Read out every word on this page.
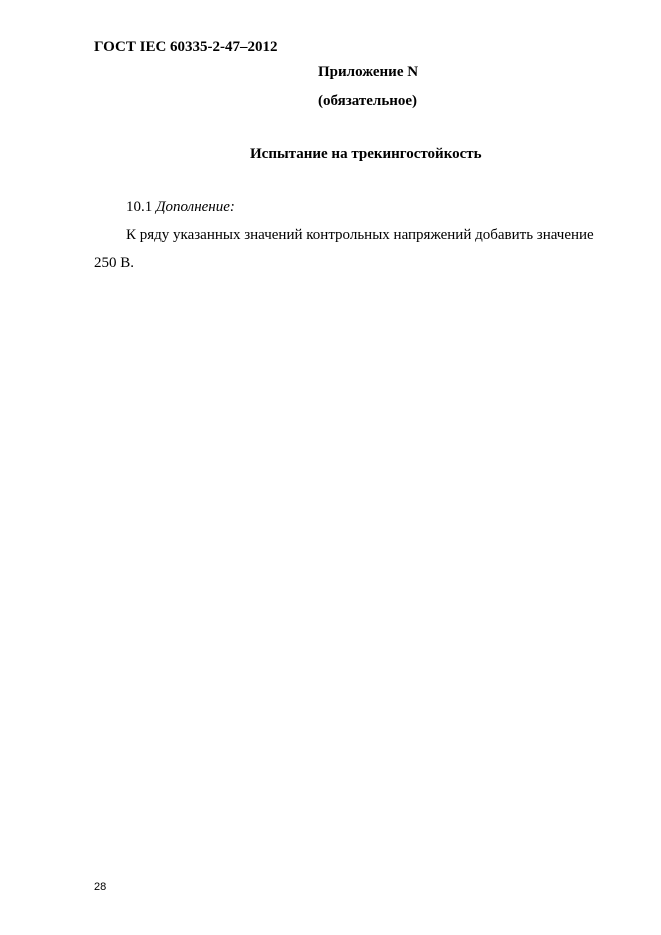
ГОСТ IEC 60335-2-47–2012
Приложение N
(обязательное)
Испытание на трекингостойкость
10.1 Дополнение:
К ряду указанных значений контрольных напряжений добавить значение
250 В.
28
